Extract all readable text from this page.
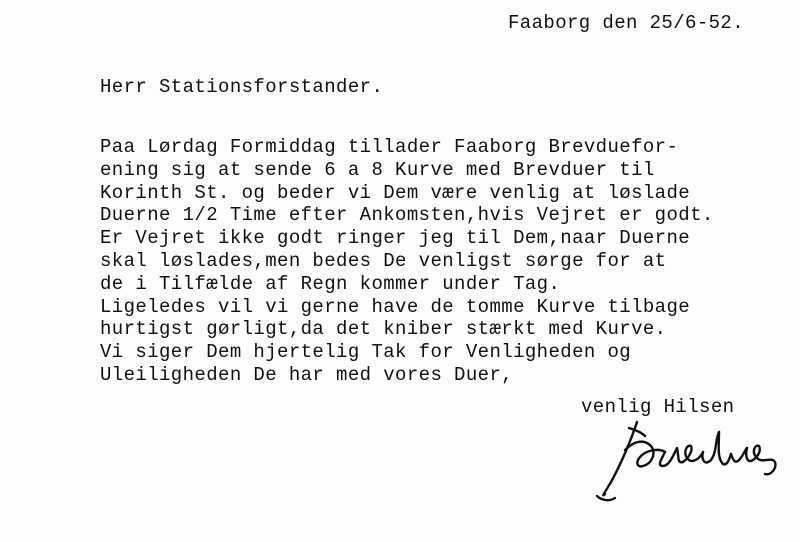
Faaborg den 25/6-52.
Herr Stationsforstander.
Paa Lørdag Formiddag tillader Faaborg Brevduefor-
ening sig at sende 6 a 8 Kurve med Brevduer til
Korinth St. og beder vi Dem være venlig at løslade
Duerne 1/2 Time efter Ankomsten,hvis Vejret er godt.
Er Vejret ikke godt ringer jeg til Dem,naar Duerne
skal løslades,men bedes De venligst sørge for at
de i Tilfælde af Regn kommer under Tag.
Ligeledes vil vi gerne have de tomme Kurve tilbage
hurtigst gørligt,da det kniber stærkt med Kurve.
Vi siger Dem hjertelig Tak for Venligheden og
Uleiligheden De har med vores Duer,
venlig Hilsen
